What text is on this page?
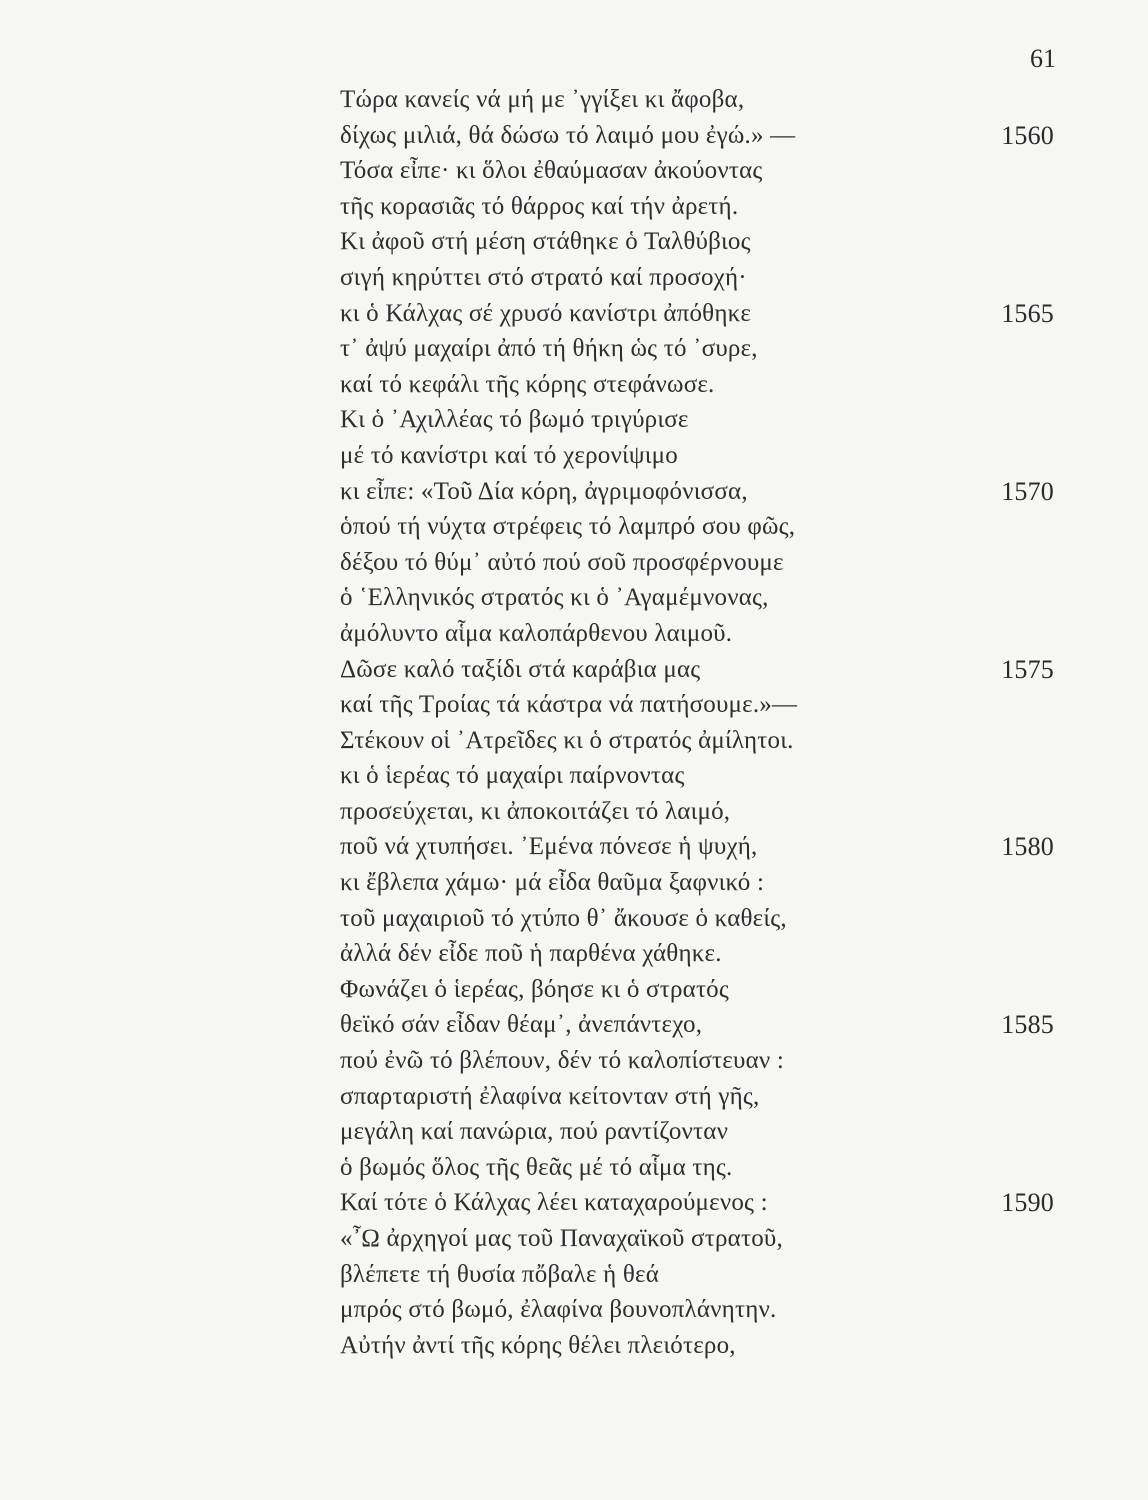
61
Τώρα κανείς νά μή με ᾿γγίξει κι ἄφοβα,
δίχως μιλιά, θά δώσω τό λαιμό μου ἐγώ.» —	1560
Τόσα εἶπε· κι ὅλοι ἐθαύμασαν ἀκούοντας
τῆς κορασιᾶς τό θάρρος καί τήν ἀρετή.
Κι ἀφοῦ στή μέση στάθηκε ὁ Ταλθύβιος
σιγή κηρύττει στό στρατό καί προσοχή·
κι ὁ Κάλχας σέ χρυσό κανίστρι ἀπόθηκε	1565
τ᾿ ἀψύ μαχαίρι ἀπό τή θήκη ὡς τό ᾿συρε,
καί τό κεφάλι τῆς κόρης στεφάνωσε.
Κι ὁ ᾿Αχιλλέας τό βωμό τριγύρισε
μέ τό κανίστρι καί τό χερονίψιμο
κι εἶπε: «Τοῦ Δία κόρη, ἀγριμοφόνισσα,	1570
ὁπού τή νύχτα στρέφεις τό λαμπρό σου φῶς,
δέξου τό θύμ᾿ αὐτό πού σοῦ προσφέρνουμε
ὁ ῾Ελληνικός στρατός κι ὁ ᾿Αγαμέμνονας,
ἀμόλυντο αἷμα καλοπάρθενου λαιμοῦ.
Δῶσε καλό ταξίδι στά καράβια μας	1575
καί τῆς Τροίας τά κάστρα νά πατήσουμε.»—
Στέκουν οἱ ᾿Ατρεῖδες κι ὁ στρατός ἀμίλητοι.
κι ὁ ἱερέας τό μαχαίρι παίρνοντας
προσεύχεται, κι ἀποκοιτάζει τό λαιμό,
ποῦ νά χτυπήσει. ᾿Εμένα πόνεσε ἡ ψυχή,	1580
κι ἔβλεπα χάμω· μά εἶδα θαῦμα ξαφνικό :
τοῦ μαχαιριοῦ τό χτύπο θ᾿ ἄκουσε ὁ καθείς,
ἀλλά δέν εἶδε ποῦ ἡ παρθένα χάθηκε.
Φωνάζει ὁ ἱερέας, βόησε κι ὁ στρατός
θεϊκό σάν εἶδαν θέαμ᾿, ἀνεπάντεχο,	1585
πού ἐνῶ τό βλέπουν, δέν τό καλοπίστευαν :
σπαρταριστή ἐλαφίνα κείτονταν στή γῆς,
μεγάλη καί πανώρια, πού ραντίζονταν
ὁ βωμός ὅλος τῆς θεᾶς μέ τό αἷμα της.
Καί τότε ὁ Κάλχας λέει καταχαρούμενος :	1590
«῏Ω ἀρχηγοί μας τοῦ Παναχαϊκοῦ στρατοῦ,
βλέπετε τή θυσία πὄβαλε ἡ θεά
μπρός στό βωμό, ἐλαφίνα βουνοπλάνητην.
Αὐτήν ἀντί τῆς κόρης θέλει πλειότερο,
